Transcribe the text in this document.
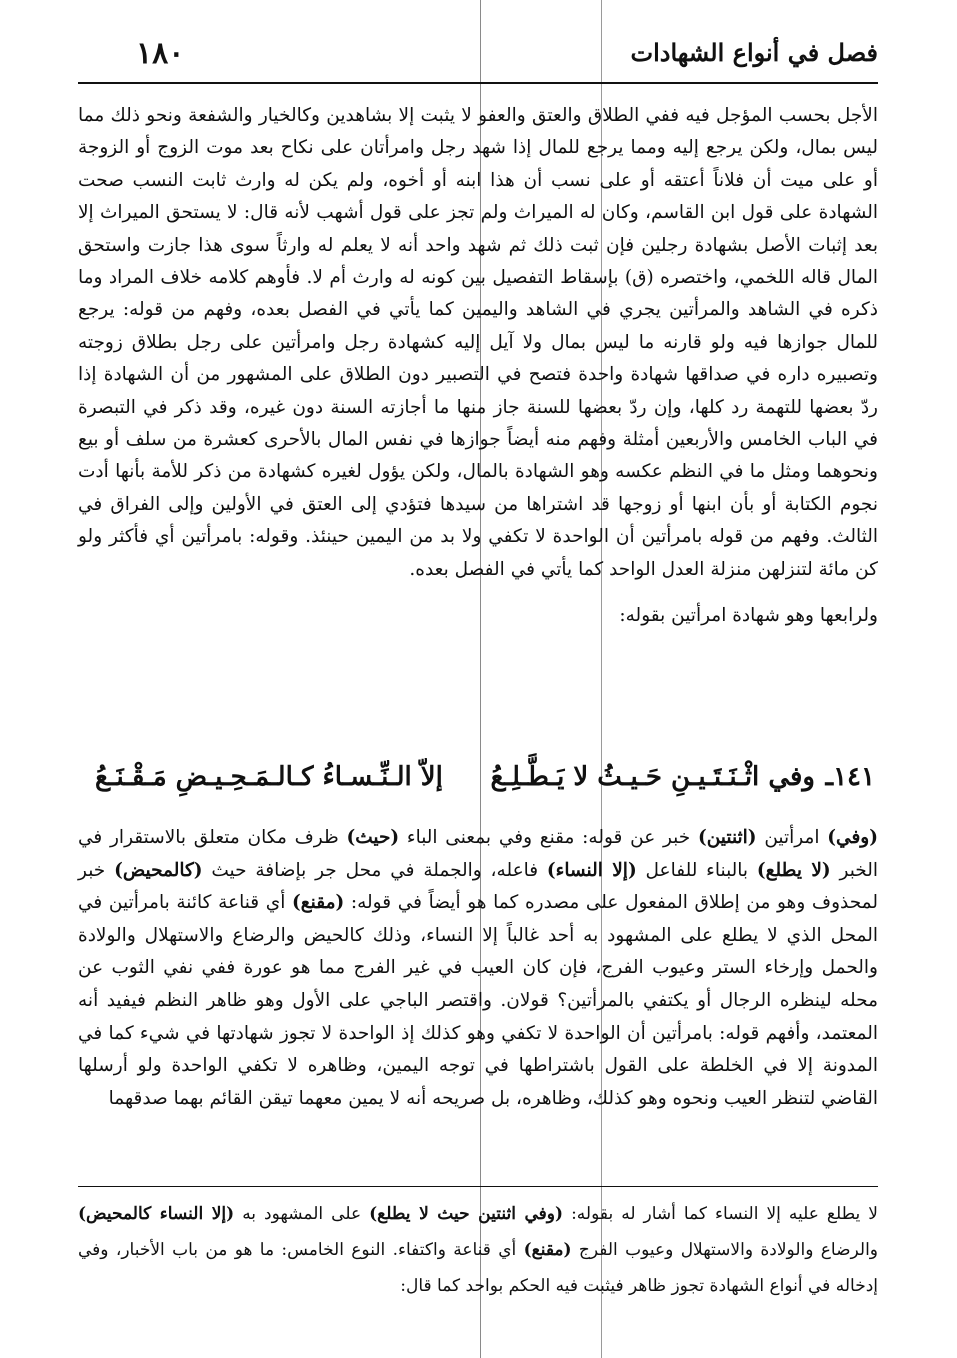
١٨٠	فصل في أنواع الشهادات

الأجل بحسب المؤجل فيه ففي الطلاق والعتق والعفو لا يثبت إلا بشاهدين وكالخيار والشفعة ونحو ذلك مما ليس بمال، ولكن يرجع إليه ومما يرجع للمال إذا شهد رجل وامرأتان على نكاح بعد موت الزوج أو الزوجة أو على ميت أن فلاناً أعتقه أو على نسب أن هذا ابنه أو أخوه، ولم يكن له وارث ثابت النسب صحت الشهادة على قول ابن القاسم، وكان له الميراث ولم تجز على قول أشهب لأنه قال: لا يستحق الميراث إلا بعد إثبات الأصل بشهادة رجلين فإن ثبت ذلك ثم شهد واحد أنه لا يعلم له وارثاً سوى هذا جازت واستحق المال قاله اللخمي، واختصره (ق) بإسقاط التفصيل بين كونه له وارث أم لا. فأوهم كلامه خلاف المراد وما ذكره في الشاهد والمرأتين يجري في الشاهد واليمين كما يأتي في الفصل بعده، وفهم من قوله: يرجع للمال جوازها فيه ولو قارنه ما ليس بمال ولا آيل إليه كشهادة رجل وامرأتين على رجل بطلاق زوجته وتصبيره داره في صداقها شهادة واحدة فتصح في التصبير دون الطلاق على المشهور من أن الشهادة إذا ردّ بعضها للتهمة رد كلها، وإن ردّ بعضها للسنة جاز منها ما أجازته السنة دون غيره، وقد ذكر في التبصرة في الباب الخامس والأربعين أمثلة وفهم منه أيضاً جوازها في نفس المال بالأحرى كعشرة من سلف أو بيع ونحوهما ومثل ما في النظم عكسه وهو الشهادة بالمال، ولكن يؤول لغيره كشهادة من ذكر للأمة بأنها أدت نجوم الكتابة أو بأن ابنها أو زوجها قد اشتراها من سيدها فتؤدي إلى العتق في الأولين وإلى الفراق في الثالث. وفهم من قوله بامرأتين أن الواحدة لا تكفي ولا بد من اليمين حينئذ. وقوله: بامرأتين أي فأكثر ولو كن مائة لتنزلهن منزلة العدل الواحد كما يأتي في الفصل بعده.

ولرابعها وهو شهادة امرأتين بقوله:

١٤١ـ
وفي اثْـنَـتَـيـنِ حَـيـثُ لا يَـطَّـلِـعُ
إلاّ الـنِّـسـاءُ كـالـمَـحِـيـضِ مَـقْـنَـعُ

(وفي) امرأتين (اثنتين) خبر عن قوله: مقنع وفي بمعنى الباء (حيث) ظرف مكان متعلق بالاستقرار في الخبر (لا يطلع) بالبناء للفاعل (إلا النساء) فاعله، والجملة في محل جر بإضافة حيث (كالمحيض) خبر لمحذوف وهو من إطلاق المفعول على مصدره كما هو أيضاً في قوله: (مقنع) أي قناعة كائنة بامرأتين في المحل الذي لا يطلع على المشهود به أحد غالباً إلا النساء، وذلك كالحيض والرضاع والاستهلال والولادة والحمل وإرخاء الستر وعيوب الفرج، فإن كان العيب في غير الفرج مما هو عورة ففي نفي الثوب عن محله لينظره الرجال أو يكتفي بالمرأتين؟ قولان. واقتصر الباجي على الأول وهو ظاهر النظم فيفيد أنه المعتمد، وأفهم قوله: بامرأتين أن الواحدة لا تكفي وهو كذلك إذ الواحدة لا تجوز شهادتها في شيء كما في المدونة إلا في الخلطة على القول باشتراطها في توجه اليمين، وظاهره لا تكفي الواحدة ولو أرسلها القاضي لتنظر العيب ونحوه وهو كذلك، وظاهره، بل صريحه أنه لا يمين معهما تيقن القائم بهما صدقهما

لا يطلع عليه إلا النساء كما أشار له بقوله: (وفي اثنتين حيث لا يطلع) على المشهود به (إلا النساء كالمحيض) والرضاع والولادة والاستهلال وعيوب الفرج (مقنع) أي قناعة واكتفاء. النوع الخامس: ما هو من باب الأخبار، وفي إدخاله في أنواع الشهادة تجوز ظاهر فيثبت فيه الحكم بواحد كما قال:
